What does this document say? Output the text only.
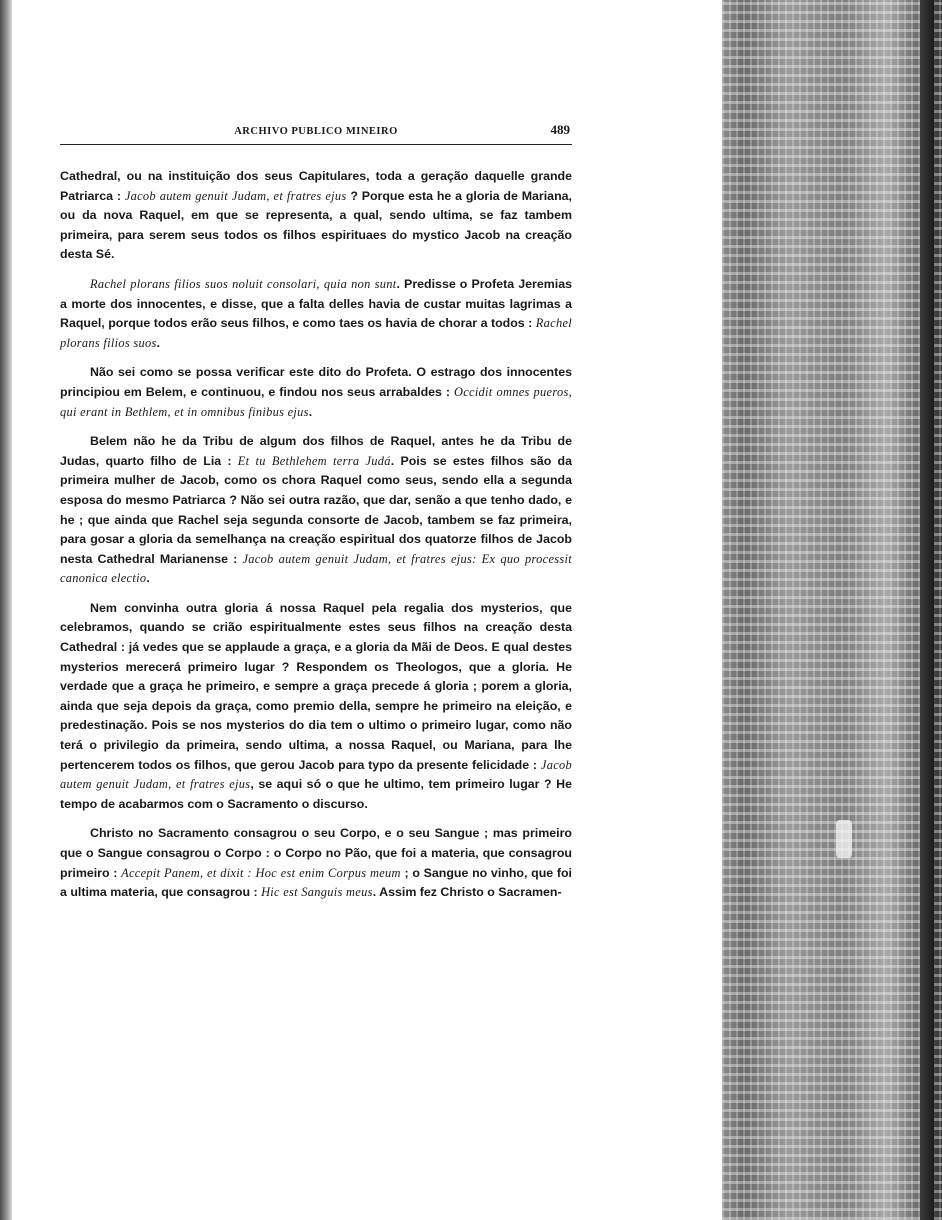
ARCHIVO PUBLICO MINEIRO	489

Cathedral, ou na instituição dos seus Capitulares, toda a geração daquelle grande Patriarca : Jacob autem genuit Judam, et fratres ejus ? Porque esta he a gloria de Mariana, ou da nova Raquel, em que se representa, a qual, sendo ultima, se faz tambem primeira, para serem seus todos os filhos espirituaes do mystico Jacob na creação desta Sé.

Rachel plorans filios suos noluit consolari, quia non sunt. Predisse o Profeta Jeremias a morte dos innocentes, e disse, que a falta delles havia de custar muitas lagrimas a Raquel, porque todos erão seus filhos, e como taes os havia de chorar a todos : Rachel plorans filios suos.

Não sei como se possa verificar este dito do Profeta. O estrago dos innocentes principiou em Belem, e continuou, e findou nos seus arrabaldes : Occidit omnes pueros, qui erant in Bethlem, et in omnibus finibus ejus.

Belem não he da Tribu de algum dos filhos de Raquel, antes he da Tribu de Judas, quarto filho de Lia : Et tu Bethlehem terra Judá. Pois se estes filhos são da primeira mulher de Jacob, como os chora Raquel como seus, sendo ella a segunda esposa do mesmo Patriarca ? Não sei outra razão, que dar, senão a que tenho dado, e he ; que ainda que Rachel seja segunda consorte de Jacob, tambem se faz primeira, para gosar a gloria da semelhança na creação espiritual dos quatorze filhos de Jacob nesta Cathedral Marianense : Jacob autem genuit Judam, et fratres ejus: Ex quo processit canonica electio.

Nem convinha outra gloria á nossa Raquel pela regalia dos mysterios, que celebramos, quando se crião espiritualmente estes seus filhos na creação desta Cathedral : já vedes que se applaude a graça, e a gloria da Mãi de Deos. E qual destes mysterios merecerá primeiro lugar ? Respondem os Theologos, que a gloria. He verdade que a graça he primeiro, e sempre a graça precede á gloria ; porem a gloria, ainda que seja depois da graça, como premio della, sempre he primeiro na eleição, e predestinação. Pois se nos mysterios do dia tem o ultimo o primeiro lugar, como não terá o privilegio da primeira, sendo ultima, a nossa Raquel, ou Mariana, para lhe pertencerem todos os filhos, que gerou Jacob para typo da presente felicidade : Jacob autem genuit Judam, et fratres ejus, se aqui só o que he ultimo, tem primeiro lugar ? He tempo de acabarmos com o Sacramento o discurso.

Christo no Sacramento consagrou o seu Corpo, e o seu Sangue ; mas primeiro que o Sangue consagrou o Corpo : o Corpo no Pão, que foi a materia, que consagrou primeiro : Accepit Panem, et dixit : Hoc est enim Corpus meum ; o Sangue no vinho, que foi a ultima materia, que consagrou : Hic est Sanguis meus. Assim fez Christo o Sacramen-
